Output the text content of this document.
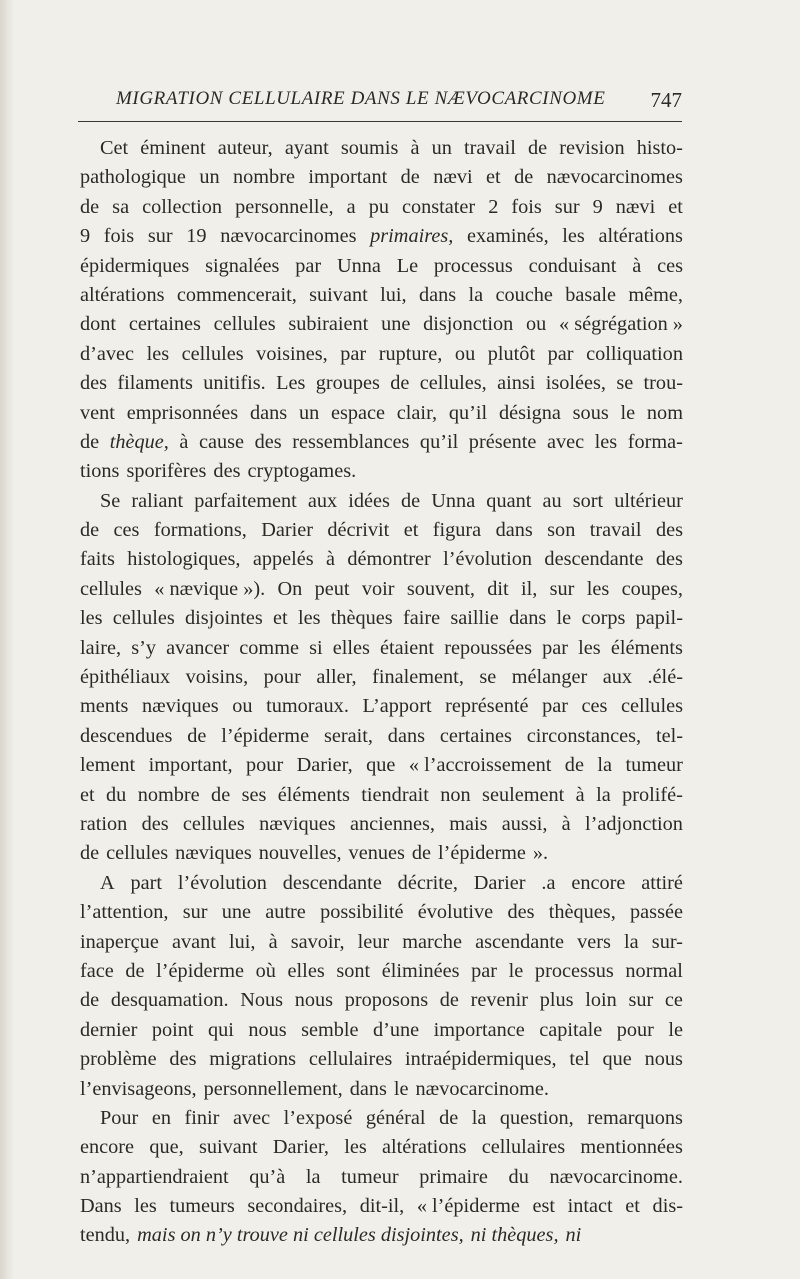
MIGRATION CELLULAIRE DANS LE NÆVOCARCINOME 747
Cet éminent auteur, ayant soumis à un travail de revision histo-
pathologique un nombre important de nævi et de nævocarcinomes
de sa collection personnelle, a pu constater 2 fois sur 9 nævi et
9 fois sur 19 nævocarcinomes primaires, examinés, les altérations
épidermiques signalées par Unna Le processus conduisant à ces
altérations commencerait, suivant lui, dans la couche basale même,
dont certaines cellules subiraient une disjonction ou « ségrégation »
d’avec les cellules voisines, par rupture, ou plutôt par colliquation
des filaments unitifis. Les groupes de cellules, ainsi isolées, se trou-
vent emprisonnées dans un espace clair, qu’il désigna sous le nom
de thèque, à cause des ressemblances qu’il présente avec les forma-
tions sporifères des cryptogames.
Se raliant parfaitement aux idées de Unna quant au sort ultérieur
de ces formations, Darier décrivit et figura dans son travail des
faits histologiques, appelés à démontrer l’évolution descendante des
cellules « nævique »). On peut voir souvent, dit il, sur les coupes,
les cellules disjointes et les thèques faire saillie dans le corps papil-
laire, s’y avancer comme si elles étaient repoussées par les éléments
épithéliaux voisins, pour aller, finalement, se mélanger aux .élé-
ments næviques ou tumoraux. L’apport représenté par ces cellules
descendues de l’épiderme serait, dans certaines circonstances, tel-
lement important, pour Darier, que « l’accroissement de la tumeur
et du nombre de ses éléments tiendrait non seulement à la prolifé-
ration des cellules næviques anciennes, mais aussi, à l’adjonction
de cellules næviques nouvelles, venues de l’épiderme ».
A part l’évolution descendante décrite, Darier .a encore attiré
l’attention, sur une autre possibilité évolutive des thèques, passée
inaperçue avant lui, à savoir, leur marche ascendante vers la sur-
face de l’épiderme où elles sont éliminées par le processus normal
de desquamation. Nous nous proposons de revenir plus loin sur ce
dernier point qui nous semble d’une importance capitale pour le
problème des migrations cellulaires intraépidermiques, tel que nous
l’envisageons, personnellement, dans le nævocarcinome.
Pour en finir avec l’exposé général de la question, remarquons
encore que, suivant Darier, les altérations cellulaires mentionnées
n’appartiendraient qu’à la tumeur primaire du nævocarcinome.
Dans les tumeurs secondaires, dit-il, « l’épiderme est intact et dis-
tendu, mais on n’y trouve ni cellules disjointes, ni thèques, ni
